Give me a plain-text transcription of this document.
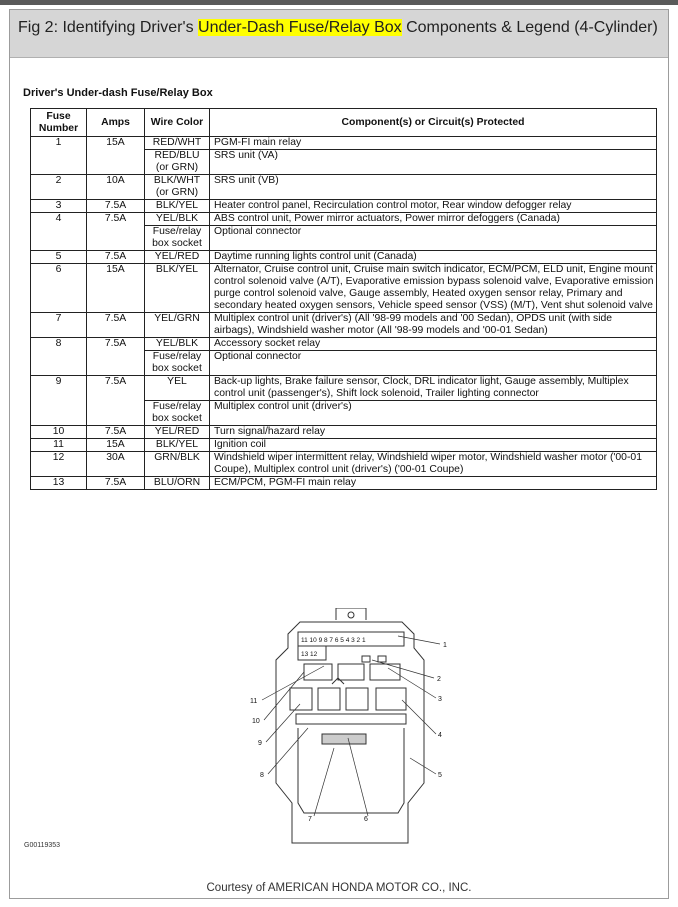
Fig 2: Identifying Driver's Under-Dash Fuse/Relay Box Components & Legend (4-Cylinder)
Driver's Under-dash Fuse/Relay Box
Fuse Number	Amps	Wire Color	Component(s) or Circuit(s) Protected
1	15A	RED/WHT	PGM-FI main relay
		RED/BLU (or GRN)	SRS unit (VA)
2	10A	BLK/WHT (or GRN)	SRS unit (VB)
3	7.5A	BLK/YEL	Heater control panel, Recirculation control motor, Rear window defogger relay
4	7.5A	YEL/BLK	ABS control unit, Power mirror actuators, Power mirror defoggers (Canada)
		Fuse/relay box socket	Optional connector
5	7.5A	YEL/RED	Daytime running lights control unit (Canada)
6	15A	BLK/YEL	Alternator, Cruise control unit, Cruise main switch indicator, ECM/PCM, ELD unit, Engine mount control solenoid valve (A/T), Evaporative emission bypass solenoid valve, Evaporative emission purge control solenoid valve, Gauge assembly, Heated oxygen sensor relay, Primary and secondary heated oxygen sensors, Vehicle speed sensor (VSS) (M/T), Vent shut solenoid valve
7	7.5A	YEL/GRN	Multiplex control unit (driver's) (All '98-99 models and '00 Sedan), OPDS unit (with side airbags), Windshield washer motor (All '98-99 models and '00-01 Sedan)
8	7.5A	YEL/BLK	Accessory socket relay
		Fuse/relay box socket	Optional connector
9	7.5A	YEL	Back-up lights, Brake failure sensor, Clock, DRL indicator light, Gauge assembly, Multiplex control unit (passenger's), Shift lock solenoid, Trailer lighting connector
		Fuse/relay box socket	Multiplex control unit (driver's)
10	7.5A	YEL/RED	Turn signal/hazard relay
11	15A	BLK/YEL	Ignition coil
12	30A	GRN/BLK	Windshield wiper intermittent relay, Windshield wiper motor, Windshield washer motor ('00-01 Coupe), Multiplex control unit (driver's) ('00-01 Coupe)
13	7.5A	BLU/ORN	ECM/PCM, PGM-FI main relay
11 10 9 8 7 6 5 4 3 2 1
13 12
1
2
3
4
5
6
7
8
9
10
11
G00119353
Courtesy of AMERICAN HONDA MOTOR CO., INC.
